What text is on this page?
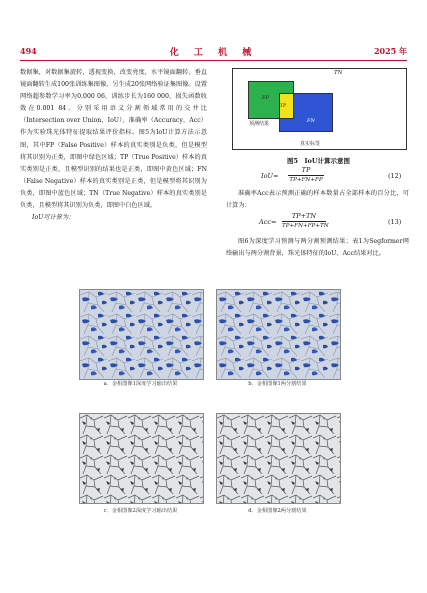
494	化 工 机 械	2025 年

数据集，对数据集旋转，透视变换，改变亮度，水平镜面翻转、垂直镜面翻转生成100张训练集图像，另生成20张网络验证集图像。设置网络超参数学习率为0.000 06，训练步长为160 000，损失函数收敛在0.001 84。分别采用语义分割领域常用的交并比（Intersection over Union，IoU）、准确率（Accuracy，Acc）作为实验珠光体特征提取结果评价指标。图5为IoU计算方法示意图，其中FP（False Positive）样本的真实类别是负类，但是模型将其识别为正类，即图中绿色区域；TP（True Positive）样本的真实类别是正类，且模型识别的结果也是正类，即图中黄色区域；FN（False Negative）样本的真实类别是正类，但是模型将其识别为负类，即图中蓝色区域；TN（True Negative）样本的真实类别是负类，且模型将其识别为负类，即图中白色区域。

IoU可计算为：

TN
FP
TP
FN
预测结果
真实标签
图5　IoU计算示意图
IoU=
TP
TP+FN+FP	(12)

准确率Acc表示预测正确的样本数量占全部样本的百分比，可计算为：

Acc=
TP+TN
TP+FN+FP+TN	(13)

图6为深度学习预测与两分割预测结果；表1为Segformer网络输出与两分割背景，珠光体特征的IoU、Acc结果对比。

a．金相图像1深度学习输出结果	b．金相图像1两分割结果
c．金相图像2深度学习输出结果	d．金相图像2两分割结果
